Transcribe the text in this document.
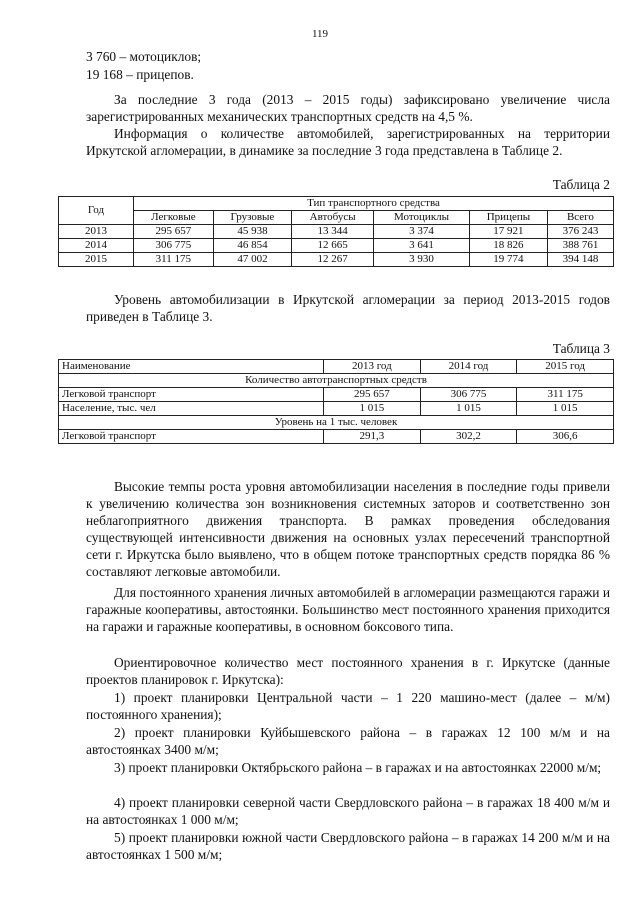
119

3 760 – мотоциклов;

19 168 – прицепов.

За последние 3 года (2013 – 2015 годы) зафиксировано увеличение числа зарегистрированных механических транспортных средств на 4,5 %.

Информация о количестве автомобилей, зарегистрированных на территории Иркутской агломерации, в динамике за последние 3 года представлена в Таблице 2.

Таблица 2
Год	Тип транспортного средства					
	Легковые	Грузовые	Автобусы	Мотоциклы	Прицепы	Всего
2013	295 657	45 938	13 344	3 374	17 921	376 243
2014	306 775	46 854	12 665	3 641	18 826	388 761
2015	311 175	47 002	12 267	3 930	19 774	394 148

Уровень автомобилизации в Иркутской агломерации за период 2013-2015 годов приведен в Таблице 3.

Таблица 3
Наименование	2013 год	2014 год	2015 год
Количество автотранспортных средств			
Легковой транспорт	295 657	306 775	311 175
Население, тыс. чел	1 015	1 015	1 015
Уровень на 1 тыс. человек			
Легковой транспорт	291,3	302,2	306,6

Высокие темпы роста уровня автомобилизации населения в последние годы привели к увеличению количества зон возникновения системных заторов и соответственно зон неблагоприятного движения транспорта. В рамках проведения обследования существующей интенсивности движения на основных узлах пересечений транспортной сети г. Иркутска было выявлено, что в общем потоке транспортных средств порядка 86 % составляют легковые автомобили.

Для постоянного хранения личных автомобилей в агломерации размещаются гаражи и гаражные кооперативы, автостоянки. Большинство мест постоянного хранения приходится на гаражи и гаражные кооперативы, в основном боксового типа.

Ориентировочное количество мест постоянного хранения в г. Иркутске (данные проектов планировок г. Иркутска):

1) проект планировки Центральной части – 1 220 машино-мест (далее – м/м) постоянного хранения);

2) проект планировки Куйбышевского района – в гаражах 12 100 м/м и на автостоянках 3400 м/м;

3) проект планировки Октябрьского района – в гаражах и на автостоянках 22000 м/м;

4) проект планировки северной части Свердловского района – в гаражах 18 400 м/м и на автостоянках 1 000 м/м;

5) проект планировки южной части Свердловского района – в гаражах 14 200 м/м и на автостоянках 1 500 м/м;
